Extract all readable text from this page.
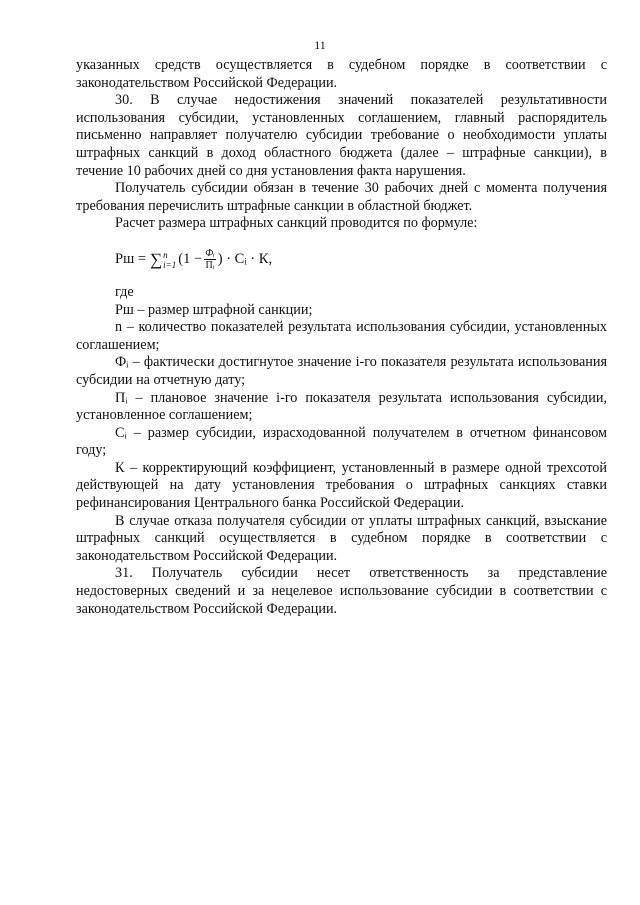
11

указанных средств осуществляется в судебном порядке в соответствии с законодательством Российской Федерации.

30. В случае недостижения значений показателей результативности использования субсидии, установленных соглашением, главный распорядитель письменно направляет получателю субсидии требование о необходимости уплаты штрафных санкций в доход областного бюджета (далее – штрафные санкции), в течение 10 рабочих дней со дня установления факта нарушения.

Получатель субсидии обязан в течение 30 рабочих дней с момента получения требования перечислить штрафные санкции в областной бюджет.

Расчет размера штрафных санкций проводится по формуле:

Рш = ∑ n
i=1 ($1 - \frac{\text{Фᵢ}}{\text{Пᵢ}}$ ) · Сᵢ · К,

где

Рш – размер штрафной санкции;

n – количество показателей результата использования субсидии, установленных соглашением;

Фᵢ – фактически достигнутое значение i-го показателя результата использования субсидии на отчетную дату;

Пᵢ – плановое значение i-го показателя результата использования субсидии, установленное соглашением;

Сᵢ – размер субсидии, израсходованной получателем в отчетном финансовом году;

К – корректирующий коэффициент, установленный в размере одной трехсотой действующей на дату установления требования о штрафных санкциях ставки рефинансирования Центрального банка Российской Федерации.

В случае отказа получателя субсидии от уплаты штрафных санкций, взыскание штрафных санкций осуществляется в судебном порядке в соответствии с законодательством Российской Федерации.

31. Получатель субсидии несет ответственность за представление недостоверных сведений и за нецелевое использование субсидии в соответствии с законодательством Российской Федерации.
